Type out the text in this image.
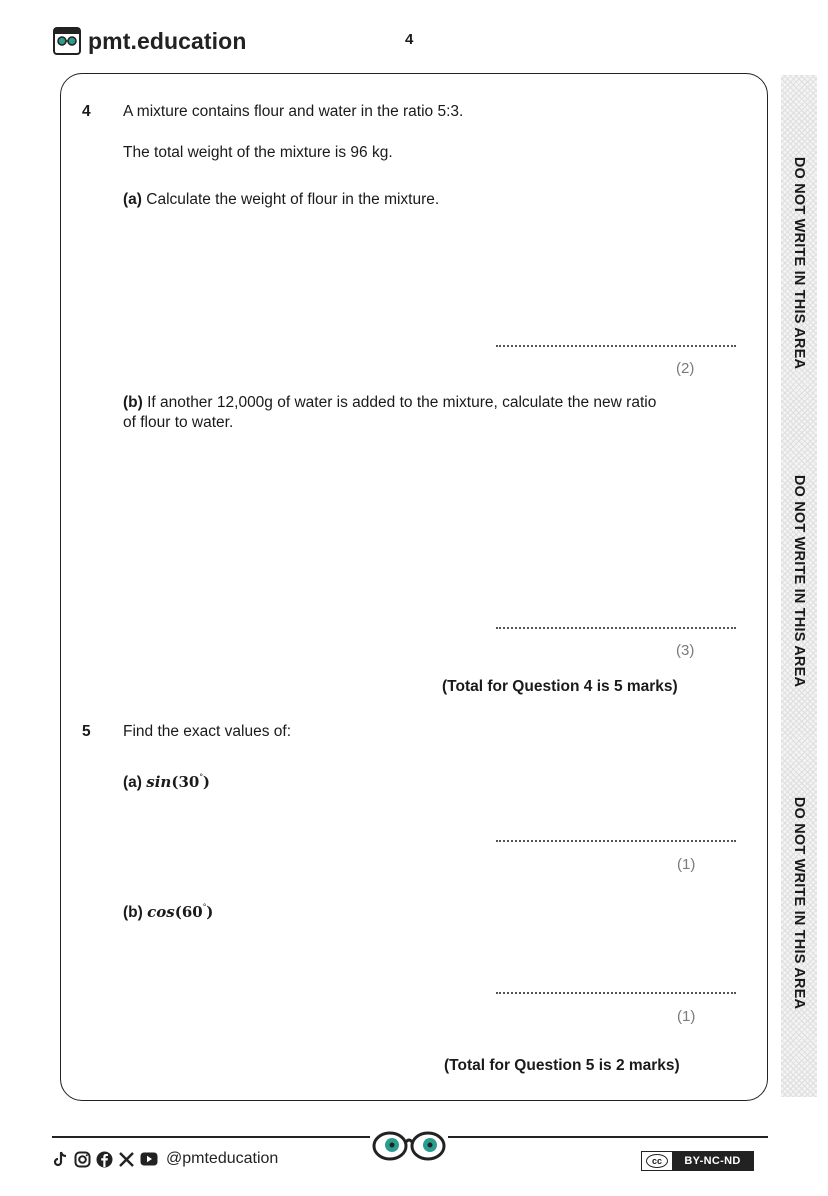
pmt.education	4
4 A mixture contains flour and water in the ratio 5:3.
The total weight of the mixture is 96 kg.
(a) Calculate the weight of flour in the mixture.
(2)
(b) If another 12,000g of water is added to the mixture, calculate the new ratio
of flour to water.
(3)
(Total for Question 4 is 5 marks)
5 Find the exact values of:
(a) sin(30°)
(1)
(b) cos(60°)
(1)
(Total for Question 5 is 2 marks)
DO NOT WRITE IN THIS AREA
DO NOT WRITE IN THIS AREA
DO NOT WRITE IN THIS AREA
@pmteducation	cc	BY-NC-ND
